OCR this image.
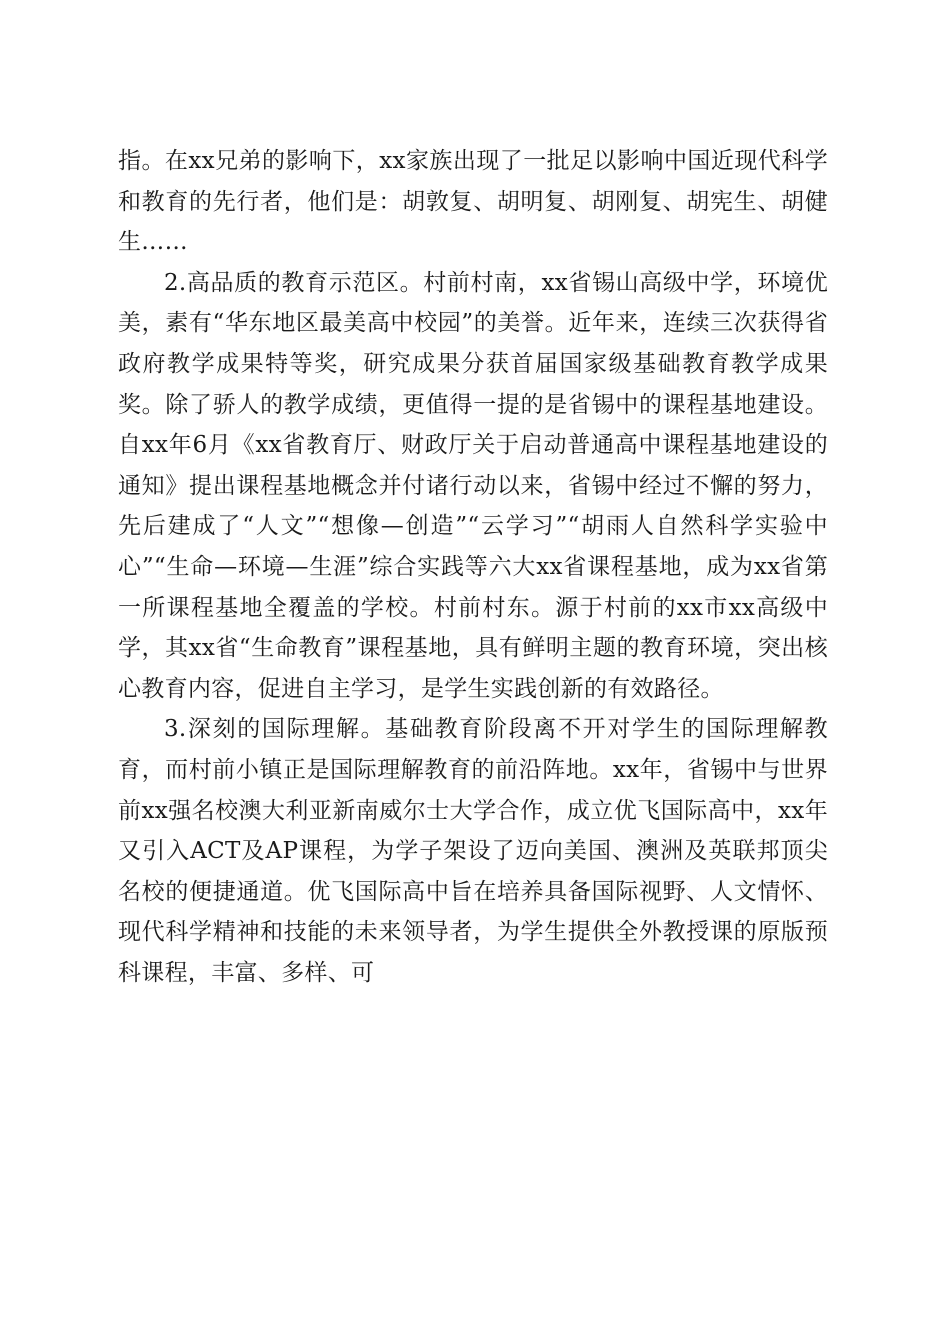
指。在xx兄弟的影响下，xx家族出现了一批足以影响中国近现代科学和教育的先行者，他们是：胡敦复、胡明复、胡刚复、胡宪生、胡健生……

2.高品质的教育示范区。村前村南，xx省锡山高级中学，环境优美，素有“华东地区最美高中校园”的美誉。近年来，连续三次获得省政府教学成果特等奖，研究成果分获首届国家级基础教育教学成果奖。除了骄人的教学成绩，更值得一提的是省锡中的课程基地建设。自xx年6月《xx省教育厅、财政厅关于启动普通高中课程基地建设的通知》提出课程基地概念并付诸行动以来，省锡中经过不懈的努力，先后建成了“人文”“想像—创造”“云学习”“胡雨人自然科学实验中心”“生命—环境—生涯”综合实践等六大xx省课程基地，成为xx省第一所课程基地全覆盖的学校。村前村东。源于村前的xx市xx高级中学，其xx省“生命教育”课程基地，具有鲜明主题的教育环境，突出核心教育内容，促进自主学习，是学生实践创新的有效路径。

3.深刻的国际理解。基础教育阶段离不开对学生的国际理解教育，而村前小镇正是国际理解教育的前沿阵地。xx年，省锡中与世界前xx强名校澳大利亚新南威尔士大学合作，成立优飞国际高中，xx年又引入ACT及AP课程，为学子架设了迈向美国、澳洲及英联邦顶尖名校的便捷通道。优飞国际高中旨在培养具备国际视野、人文情怀、现代科学精神和技能的未来领导者，为学生提供全外教授课的原版预科课程，丰富、多样、可
